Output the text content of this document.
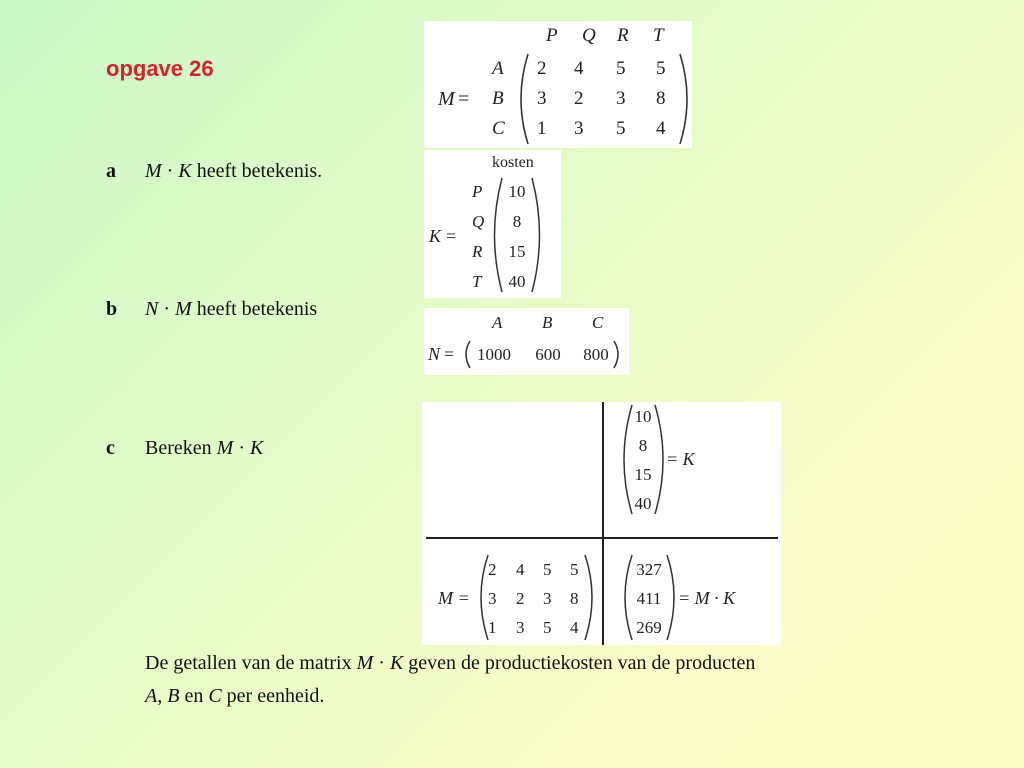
opgave 26
a M · K heeft betekenis.
b N · M heeft betekenis
c Bereken M · K
M =
P Q R T
A
B
C
2 4 5 5
3 2 3 8
1 3 5 4
kosten
K =
P
Q
R
T
10
8
15
40
A B C
N = 1000 600 800
10
8
15
40
= K
M =
2 4 5 5
3 2 3 8
1 3 5 4
327
411
269
= M · K
De getallen van de matrix M · K geven de productiekosten van de producten
A, B en C per eenheid.
